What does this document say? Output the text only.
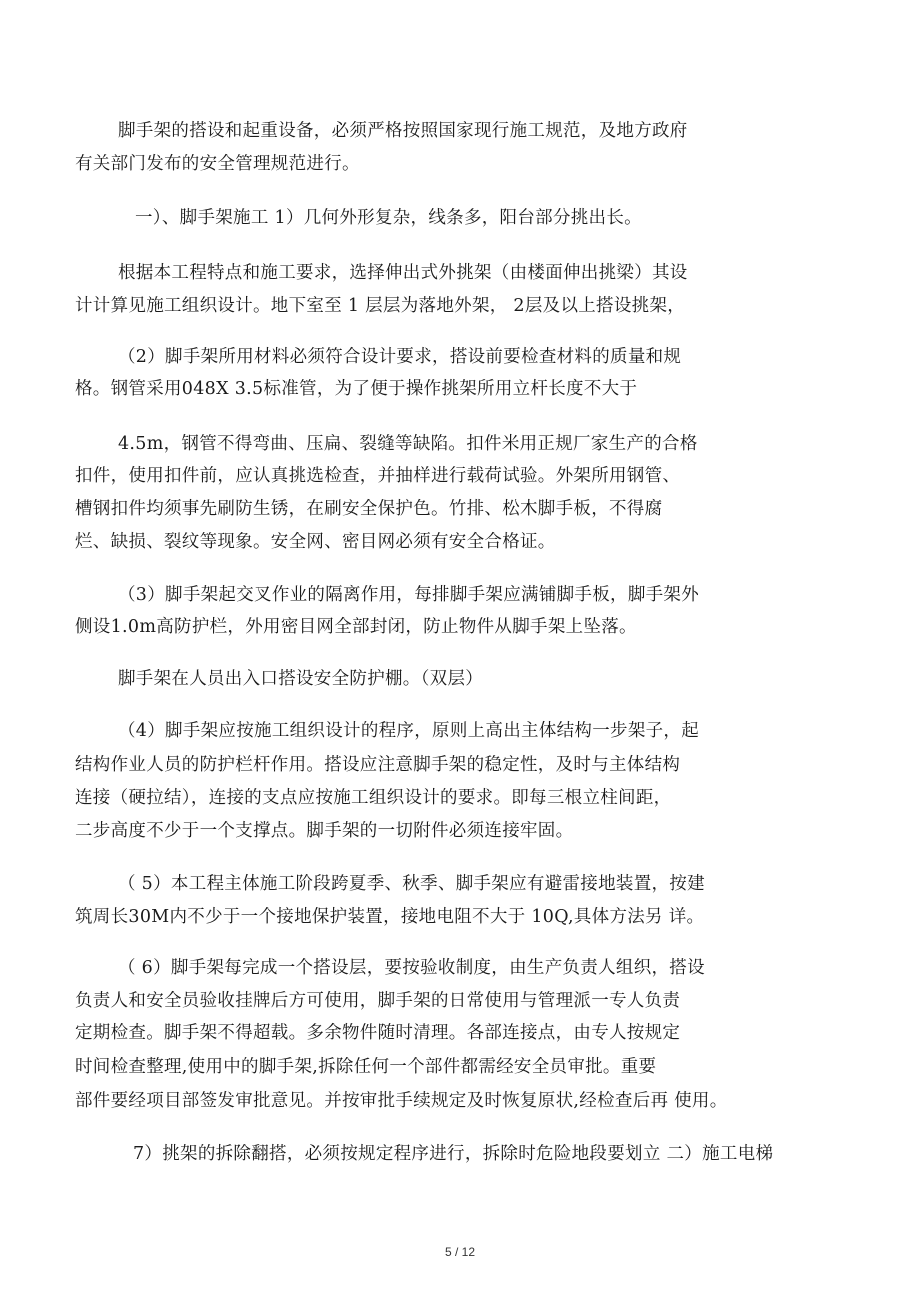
脚手架的搭设和起重设备，必须严格按照国家现行施工规范，及地方政府
有关部门发布的安全管理规范进行。
一）、脚手架施工 1）几何外形复杂，线条多，阳台部分挑出长。
根据本工程特点和施工要求，选择伸出式外挑架（由楼面伸出挑梁）其设
计计算见施工组织设计。地下室至 1 层层为落地外架， 2层及以上搭设挑架，
（2）脚手架所用材料必须符合设计要求，搭设前要检查材料的质量和规
格。钢管采用048X 3.5标准管，为了便于操作挑架所用立杆长度不大于
4.5m，钢管不得弯曲、压扁、裂缝等缺陷。扣件米用正规厂家生产的合格
扣件，使用扣件前，应认真挑选检查，并抽样进行载荷试验。外架所用钢管、
槽钢扣件均须事先刷防生锈，在刷安全保护色。竹排、松木脚手板，不得腐
烂、缺损、裂纹等现象。安全网、密目网必须有安全合格证。
（3）脚手架起交叉作业的隔离作用，每排脚手架应满铺脚手板，脚手架外
侧设1.0m高防护栏，外用密目网全部封闭，防止物件从脚手架上坠落。
脚手架在人员出入口搭设安全防护棚。（双层）
（4）脚手架应按施工组织设计的程序，原则上高出主体结构一步架子，起
结构作业人员的防护栏杆作用。搭设应注意脚手架的稳定性，及时与主体结构
连接（硬拉结），连接的支点应按施工组织设计的要求。即每三根立柱间距，
二步高度不少于一个支撑点。脚手架的一切附件必须连接牢固。
（ 5）本工程主体施工阶段跨夏季、秋季、脚手架应有避雷接地装置，按建
筑周长30M内不少于一个接地保护装置，接地电阻不大于 10Q,具体方法另 详。
（ 6）脚手架每完成一个搭设层，要按验收制度，由生产负责人组织，搭设
负责人和安全员验收挂牌后方可使用，脚手架的日常使用与管理派一专人负责
定期检查。脚手架不得超载。多余物件随时清理。各部连接点，由专人按规定
时间检查整理,使用中的脚手架,拆除任何一个部件都需经安全员审批。重要
部件要经项目部签发审批意见。并按审批手续规定及时恢复原状,经检查后再 使用。
7）挑架的拆除翻搭，必须按规定程序进行，拆除时危险地段要划立 二）施工电梯
5 / 12
